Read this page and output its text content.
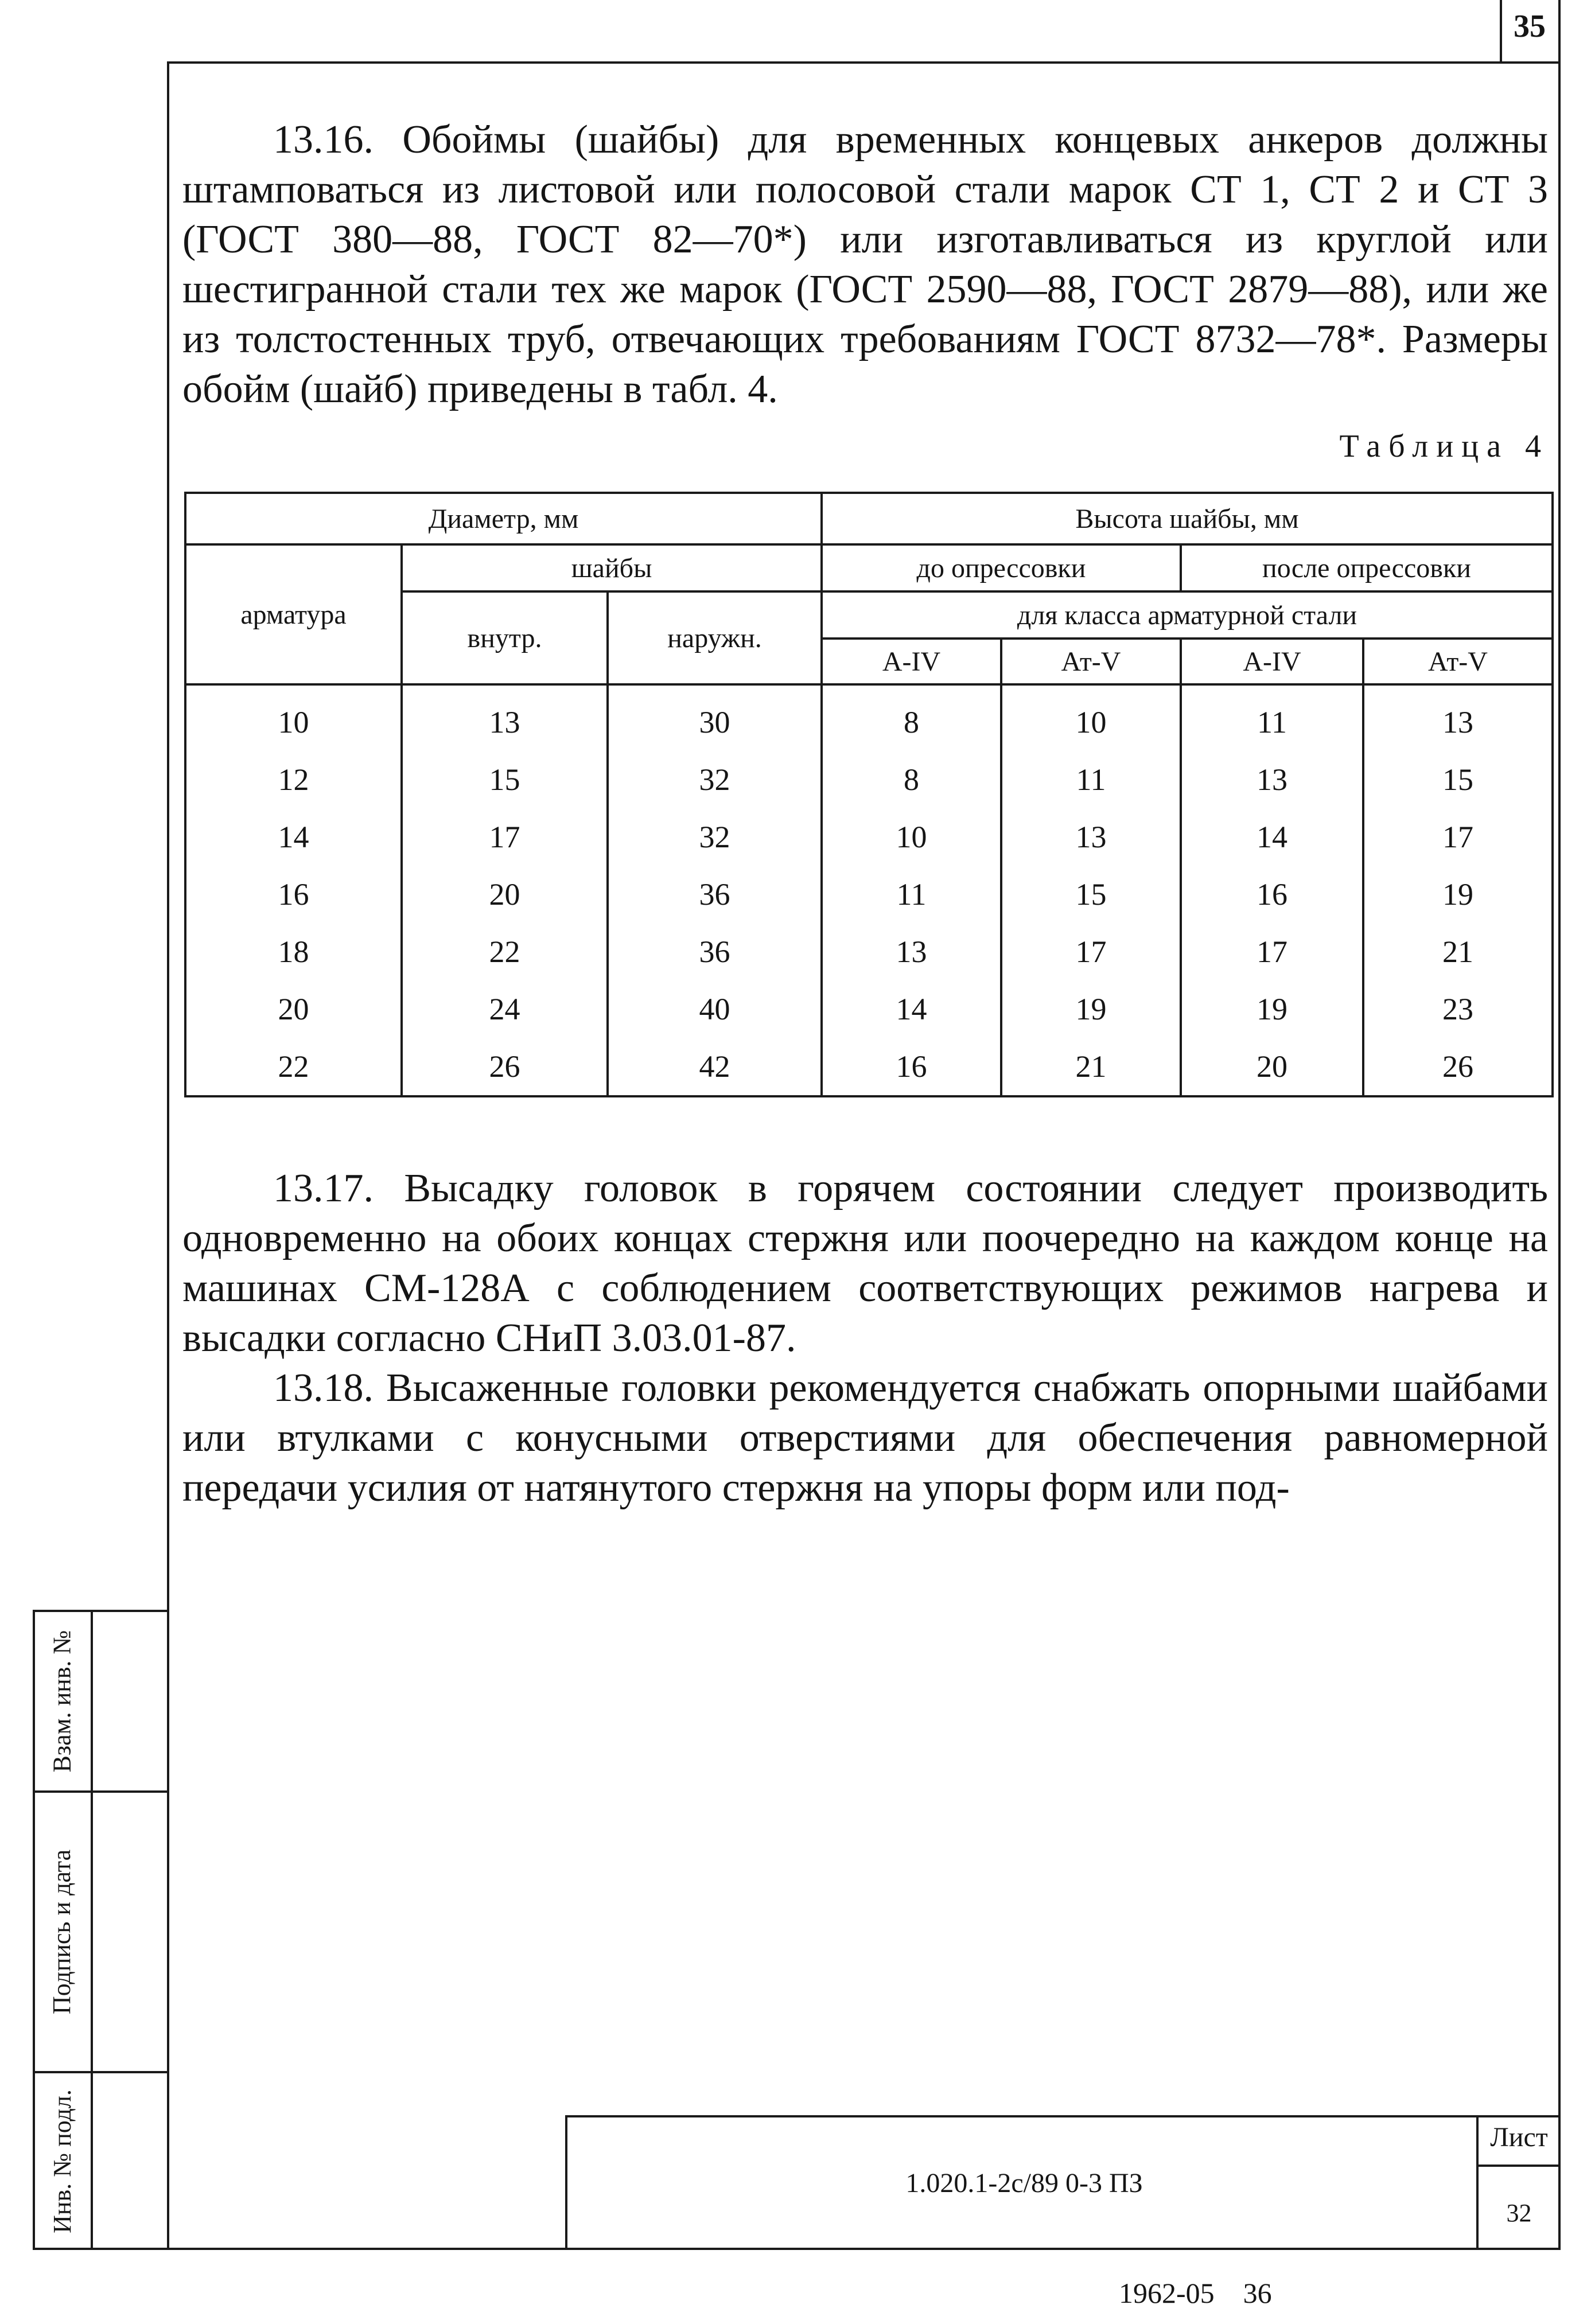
35

13.16. Обоймы (шайбы) для временных концевых анкеров должны штамповаться из листовой или полосовой стали марок СТ 1, СТ 2 и СТ 3 (ГОСТ 380—88, ГОСТ 82—70*) или изготавливаться из круглой или шестигранной стали тех же марок (ГОСТ 2590—88, ГОСТ 2879—88), или же из толстостенных труб, отвечающих требованиям ГОСТ 8732—78*. Размеры обойм (шайб) приведены в табл. 4.

Таблица 4
Диаметр, мм			Высота шайбы, мм			
арматура	шайбы		до опрессовки		после опрессовки	
	внутр.	наружн.	для класса арматурной стали			
			А-IV	Ат-V	А-IV	Ат-V
10	13	30	8	10	11	13
12	15	32	8	11	13	15
14	17	32	10	13	14	17
16	20	36	11	15	16	19
18	22	36	13	17	17	21
20	24	40	14	19	19	23
22	26	42	16	21	20	26

13.17. Высадку головок в горячем состоянии следует производить одновременно на обоих концах стержня или поочередно на каждом конце на машинах СМ-128А с соблюдением соответствующих режимов нагрева и высадки согласно СНиП 3.03.01-87.

13.18. Высаженные головки рекомендуется снабжать опорными шайбами или втулками с конусными отверстиями для обеспечения равномерной передачи усилия от натянутого стержня на упоры форм или под-

Взам. инв. №
Подпись и дата
Инв. № подл.	1.020.1-2с/89 0-3 ПЗ
Лист
32
1962-05    36
